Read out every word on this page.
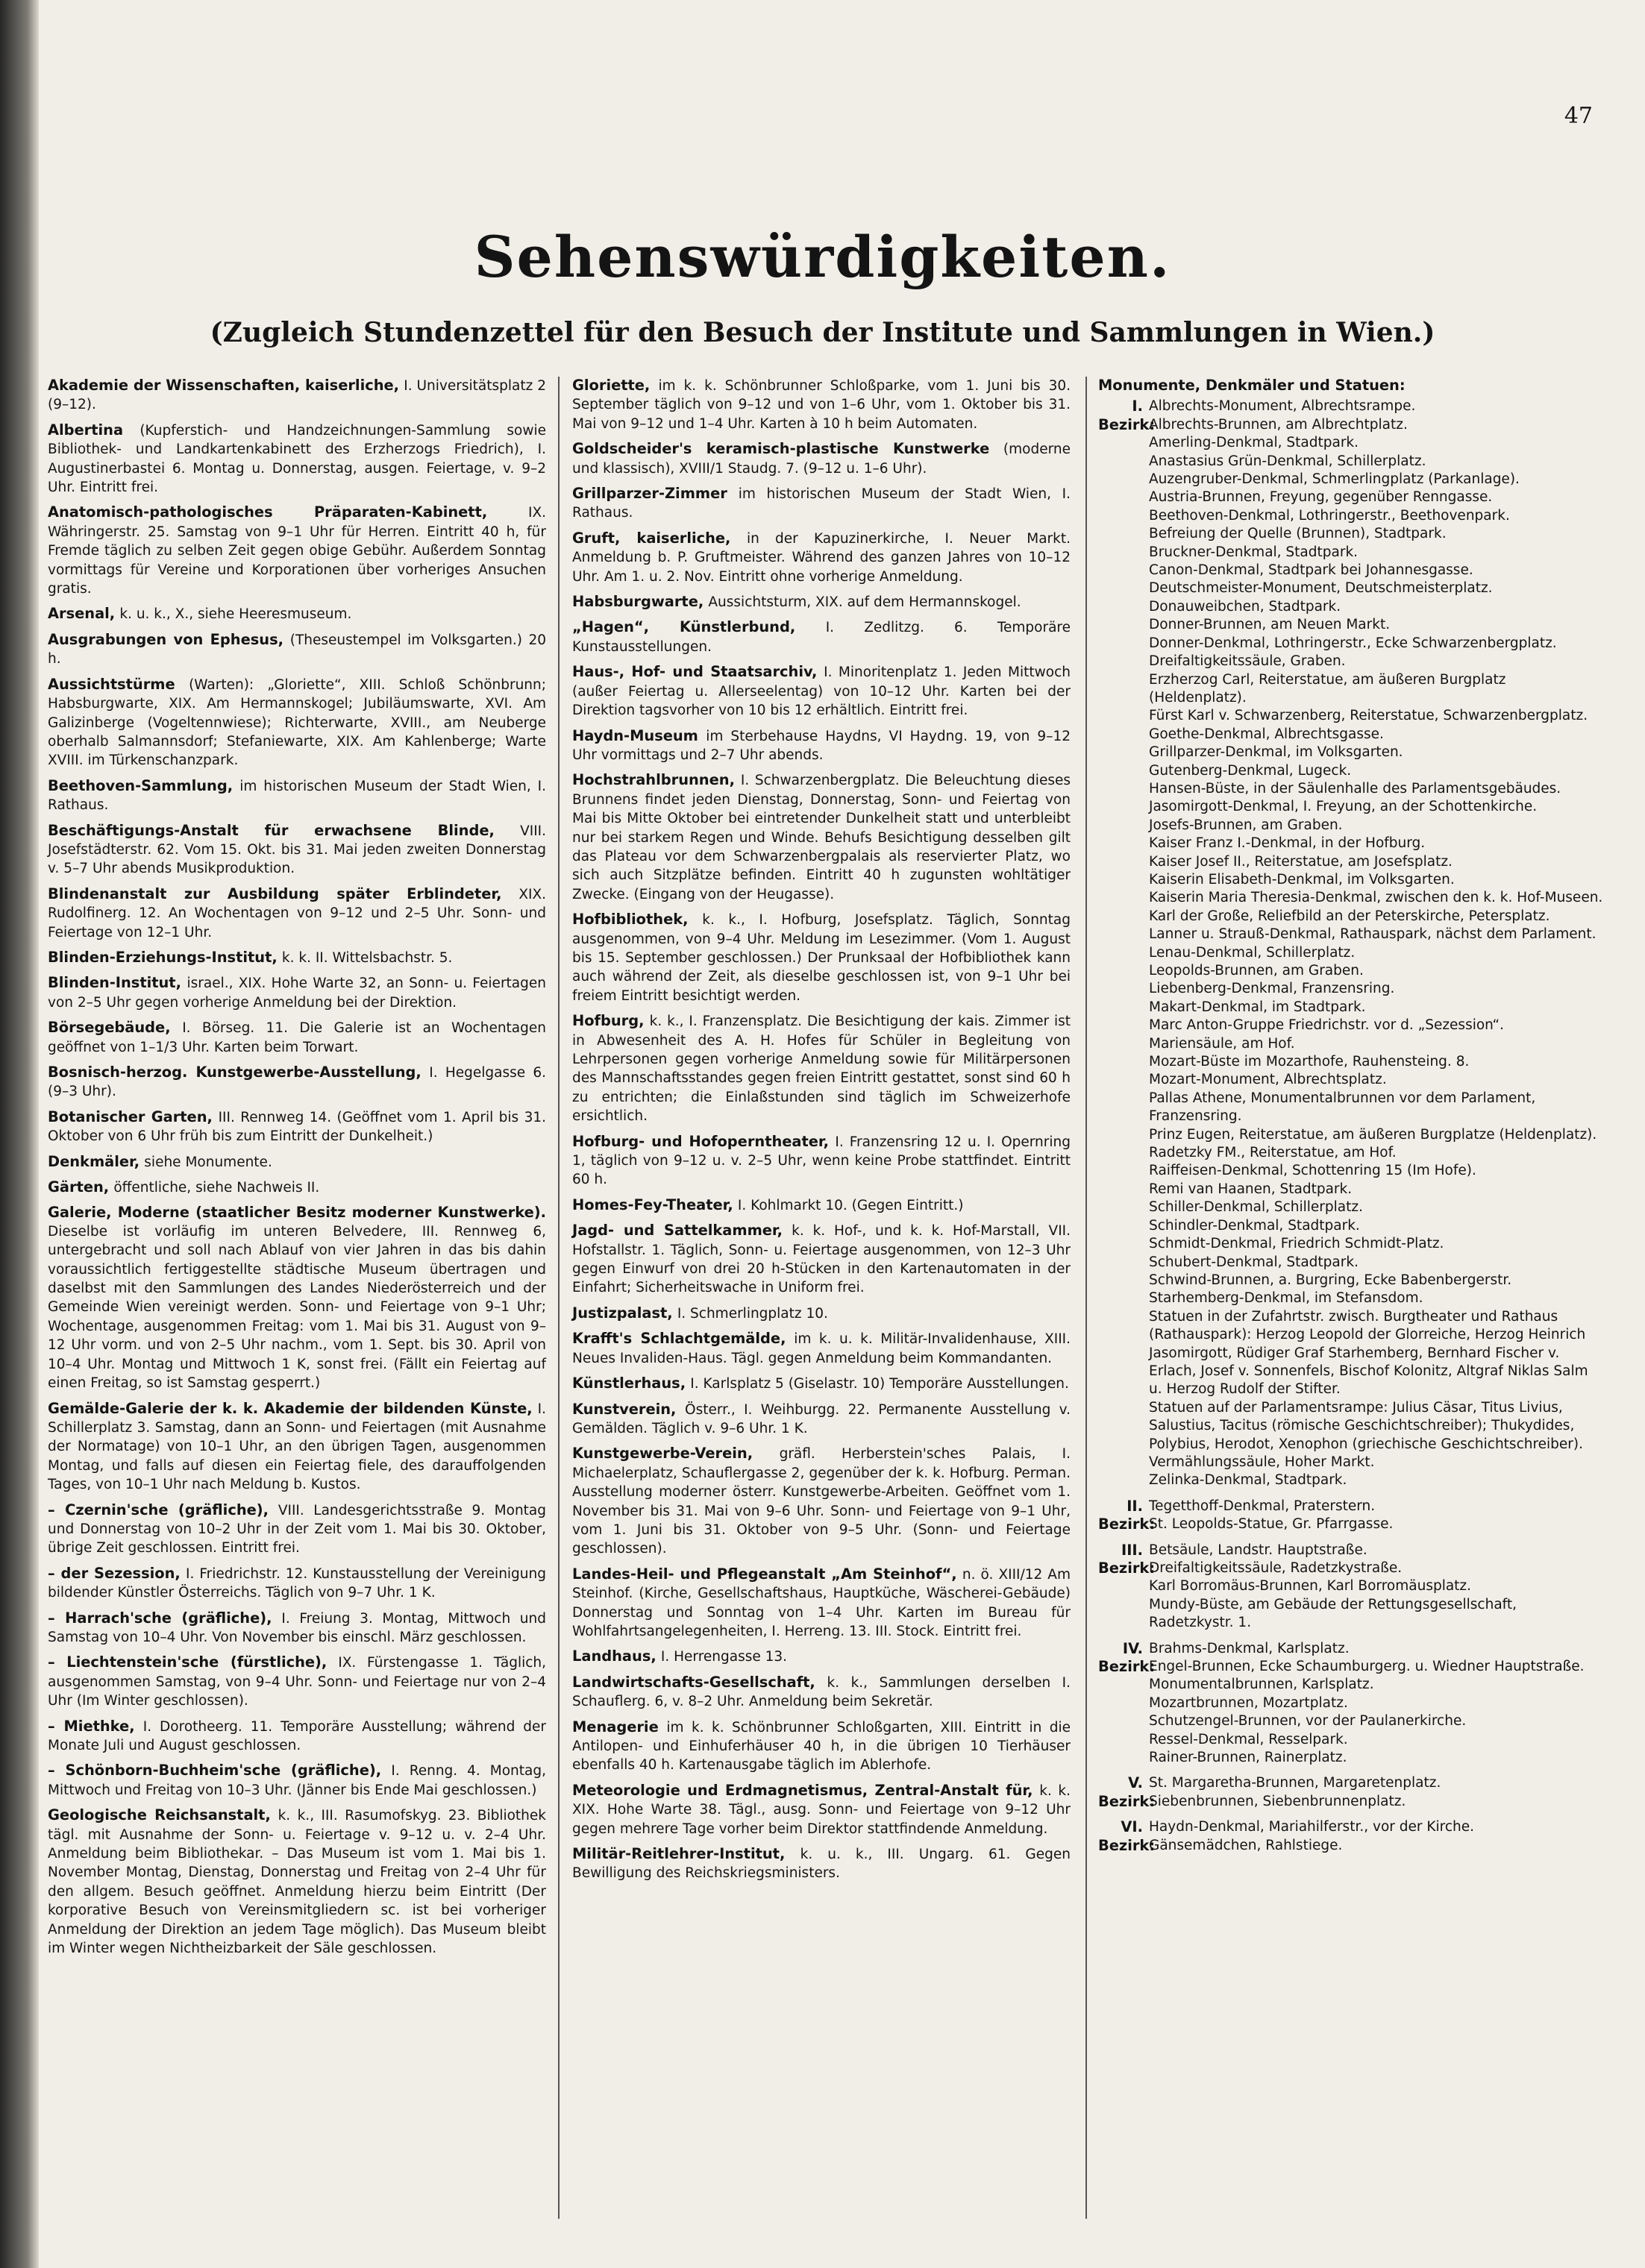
47
Sehenswürdigkeiten.
(Zugleich Stundenzettel für den Besuch der Institute und Sammlungen in Wien.)

Akademie der Wissenschaften, kaiserliche, I. Universitätsplatz 2 (9–12).

Albertina (Kupferstich- und Handzeichnungen-Sammlung sowie Bibliothek- und Landkartenkabinett des Erzherzogs Friedrich), I. Augustinerbastei 6. Montag u. Donnerstag, ausgen. Feiertage, v. 9–2 Uhr. Eintritt frei.

Anatomisch-pathologisches Präparaten-Kabinett,	IX. Währingerstr. 25. Samstag von 9–1 Uhr für Herren. Eintritt 40 h, für Fremde täglich zu selben Zeit gegen obige Gebühr. Außerdem Sonntag vormittags für Vereine und Korporationen über vorheriges Ansuchen gratis.

Arsenal, k. u. k., X., siehe Heeresmuseum.

Ausgrabungen von Ephesus, (Theseustempel im Volksgarten.) 20 h.

Aussichtstürme (Warten): „Gloriette“, XIII. Schloß Schönbrunn; Habsburgwarte, XIX. Am Hermannskogel; Jubiläumswarte, XVI. Am Galizinberge (Vogeltennwiese); Richterwarte, XVIII., am Neuberge oberhalb Salmannsdorf; Stefaniewarte, XIX. Am Kahlenberge; Warte XVIII. im Türkenschanzpark.

Beethoven-Sammlung, im historischen Museum der Stadt Wien, I. Rathaus.

Beschäftigungs-Anstalt für erwachsene Blinde, VIII. Josefstädterstr. 62. Vom 15. Okt. bis 31. Mai jeden zweiten Donnerstag v. 5–7 Uhr abends Musikproduktion.

Blindenanstalt zur Ausbildung später Erblindeter, XIX. Rudolfinerg. 12. An Wochentagen von 9–12 und 2–5 Uhr. Sonn- und Feiertage von 12–1 Uhr.

Blinden-Erziehungs-Institut, k. k. II. Wittelsbachstr. 5.

Blinden-Institut, israel., XIX. Hohe Warte 32, an Sonn- u. Feiertagen von 2–5 Uhr gegen vorherige Anmeldung bei der Direktion.

Börsegebäude, I. Börseg. 11. Die Galerie ist an Wochentagen geöffnet von 1–1/3 Uhr. Karten beim Torwart.

Bosnisch-herzog. Kunstgewerbe-Ausstellung, I. Hegelgasse 6. (9–3 Uhr).

Botanischer Garten, III. Rennweg 14. (Geöffnet vom 1. April bis 31. Oktober von 6 Uhr früh bis zum Eintritt der Dunkelheit.)

Denkmäler, siehe Monumente.

Gärten, öffentliche, siehe Nachweis II.

Galerie, Moderne (staatlicher Besitz moderner Kunstwerke). Dieselbe ist vorläufig im unteren Belvedere, III. Rennweg 6, untergebracht und soll nach Ablauf von vier Jahren in das bis dahin voraussichtlich fertiggestellte städtische Museum übertragen und daselbst mit den Sammlungen des Landes Niederösterreich und der Gemeinde Wien vereinigt werden. Sonn- und Feiertage von 9–1 Uhr; Wochentage, ausgenommen Freitag: vom 1. Mai bis 31. August von 9–12 Uhr vorm. und von 2–5 Uhr nachm., vom 1. Sept. bis 30. April von 10–4 Uhr. Montag und Mittwoch 1 K, sonst frei. (Fällt ein Feiertag auf einen Freitag, so ist Samstag gesperrt.)

Gemälde-Galerie der k. k. Akademie der bildenden Künste, I. Schillerplatz 3. Samstag, dann an Sonn- und Feiertagen (mit Ausnahme der Normatage) von 10–1 Uhr, an den übrigen Tagen, ausgenommen Montag, und falls auf diesen ein Feiertag fiele, des darauffolgenden Tages, von 10–1 Uhr nach Meldung b. Kustos.

– Czernin'sche (gräfliche), VIII. Landesgerichtsstraße 9. Montag und Donnerstag von 10–2 Uhr in der Zeit vom 1. Mai bis 30. Oktober, übrige Zeit geschlossen. Eintritt frei.

– der Sezession, I. Friedrichstr. 12. Kunstausstellung der Vereinigung bildender Künstler Österreichs. Täglich von 9–7 Uhr. 1 K.

– Harrach'sche (gräfliche), I. Freiung 3. Montag, Mittwoch und Samstag von 10–4 Uhr. Von November bis einschl. März geschlossen.

– Liechtenstein'sche (fürstliche), IX. Fürstengasse 1. Täglich, ausgenommen Samstag, von 9–4 Uhr. Sonn- und Feiertage nur von 2–4 Uhr (Im Winter geschlossen).

– Miethke, I. Dorotheerg. 11. Temporäre Ausstellung; während der Monate Juli und August geschlossen.

– Schönborn-Buchheim'sche (gräfliche), I. Renng. 4. Montag, Mittwoch und Freitag von 10–3 Uhr. (Jänner bis Ende Mai geschlossen.)

Geologische Reichsanstalt, k. k., III. Rasumofskyg. 23. Bibliothek tägl. mit Ausnahme der Sonn- u. Feiertage v. 9–12 u. v. 2–4 Uhr. Anmeldung beim Bibliothekar. – Das Museum ist vom 1. Mai bis 1. November Montag, Dienstag, Donnerstag und Freitag von 2–4 Uhr für den allgem. Besuch geöffnet. Anmeldung hierzu beim Eintritt (Der korporative Besuch von Vereinsmitgliedern sc. ist bei vorheriger Anmeldung der Direktion an jedem Tage möglich). Das Museum bleibt im Winter wegen Nichtheizbarkeit der Säle geschlossen.

Gloriette, im k. k. Schönbrunner Schloßparke, vom 1. Juni bis 30. September täglich von 9–12 und von 1–6 Uhr, vom 1. Oktober bis 31. Mai von 9–12 und 1–4 Uhr. Karten à 10 h beim Automaten.

Goldscheider's keramisch-plastische Kunstwerke (moderne und klassisch), XVIII/1 Staudg. 7. (9–12 u. 1–6 Uhr).

Grillparzer-Zimmer im historischen Museum der Stadt Wien, I. Rathaus.

Gruft, kaiserliche, in der Kapuzinerkirche, I. Neuer Markt. Anmeldung b. P. Gruftmeister. Während des ganzen Jahres von 10–12 Uhr. Am 1. u. 2. Nov. Eintritt ohne vorherige Anmeldung.

Habsburgwarte, Aussichtsturm, XIX. auf dem Hermannskogel.

„Hagen“, Künstlerbund, I. Zedlitzg. 6. Temporäre Kunstausstellungen.

Haus-, Hof- und Staatsarchiv, I. Minoritenplatz 1. Jeden Mittwoch (außer Feiertag u. Allerseelentag) von 10–12 Uhr. Karten bei der Direktion tagsvorher von 10 bis 12 erhältlich. Eintritt frei.

Haydn-Museum im Sterbehause Haydns, VI Haydng. 19, von 9–12 Uhr vormittags und 2–7 Uhr abends.

Hochstrahlbrunnen, I. Schwarzenbergplatz. Die Beleuchtung dieses Brunnens findet jeden Dienstag, Donnerstag, Sonn- und Feiertag von Mai bis Mitte Oktober bei eintretender Dunkelheit statt und unterbleibt nur bei starkem Regen und Winde. Behufs Besichtigung desselben gilt das Plateau vor dem Schwarzenbergpalais als reservierter Platz, wo sich auch Sitzplätze befinden. Eintritt 40 h zugunsten wohltätiger Zwecke. (Eingang von der Heugasse).

Hofbibliothek, k. k., I. Hofburg, Josefsplatz. Täglich, Sonntag ausgenommen, von 9–4 Uhr. Meldung im Lesezimmer. (Vom 1. August bis 15. September geschlossen.) Der Prunksaal der Hofbibliothek kann auch während der Zeit, als dieselbe geschlossen ist, von 9–1 Uhr bei freiem Eintritt besichtigt werden.

Hofburg, k. k., I. Franzensplatz. Die Besichtigung der kais. Zimmer ist in Abwesenheit des A. H. Hofes für Schüler in Begleitung von Lehrpersonen gegen vorherige Anmeldung sowie für Militärpersonen des Mannschaftsstandes gegen freien Eintritt gestattet, sonst sind 60 h zu entrichten; die Einlaßstunden sind täglich im Schweizerhofe ersichtlich.

Hofburg- und Hofoperntheater, I. Franzensring 12 u. I. Opernring 1, täglich von 9–12 u. v. 2–5 Uhr, wenn keine Probe stattfindet. Eintritt 60 h.

Homes-Fey-Theater, I. Kohlmarkt 10. (Gegen Eintritt.)

Jagd- und Sattelkammer, k. k. Hof-, und k. k. Hof-Marstall, VII. Hofstallstr. 1. Täglich, Sonn- u. Feiertage ausgenommen, von 12–3 Uhr gegen Einwurf von drei 20 h-Stücken in den Kartenautomaten in der Einfahrt; Sicherheitswache in Uniform frei.

Justizpalast, I. Schmerlingplatz 10.

Krafft's Schlachtgemälde, im k. u. k. Militär-Invalidenhause, XIII. Neues Invaliden-Haus. Tägl. gegen Anmeldung beim Kommandanten.

Künstlerhaus, I. Karlsplatz 5 (Giselastr. 10) Temporäre Ausstellungen.

Kunstverein, Österr., I. Weihburgg. 22. Permanente Ausstellung v. Gemälden. Täglich v. 9–6 Uhr. 1 K.

Kunstgewerbe-Verein, gräfl. Herberstein'sches Palais, I. Michaelerplatz, Schauflergasse 2, gegenüber der k. k. Hofburg. Perman. Ausstellung moderner österr. Kunstgewerbe-Arbeiten. Geöffnet vom 1. November bis 31. Mai von 9–6 Uhr. Sonn- und Feiertage von 9–1 Uhr, vom 1. Juni bis 31. Oktober von 9–5 Uhr. (Sonn- und Feiertage geschlossen).

Landes-Heil- und Pflegeanstalt „Am Steinhof“, n. ö. XIII/12 Am Steinhof. (Kirche, Gesellschaftshaus, Hauptküche, Wäscherei-Gebäude) Donnerstag und Sonntag von 1–4 Uhr. Karten im Bureau für Wohlfahrtsangelegenheiten, I. Herreng. 13. III. Stock. Eintritt frei.

Landhaus, I. Herrengasse 13.

Landwirtschafts-Gesellschaft, k. k., Sammlungen derselben I. Schauflerg. 6, v. 8–2 Uhr. Anmeldung beim Sekretär.

Menagerie im k. k. Schönbrunner Schloßgarten, XIII. Eintritt in die Antilopen- und Einhuferhäuser 40 h, in die übrigen 10 Tierhäuser ebenfalls 40 h. Kartenausgabe täglich im Ablerhofe.

Meteorologie und Erdmagnetismus, Zentral-Anstalt für, k. k. XIX. Hohe Warte 38. Tägl., ausg. Sonn- und Feiertage von 9–12 Uhr gegen mehrere Tage vorher beim Direktor stattfindende Anmeldung.

Militär-Reitlehrer-Institut, k. u. k., III. Ungarg. 61. Gegen Bewilligung des Reichskriegsministers.

Monumente, Denkmäler und Statuen:
I. Bezirk:
Albrechts-Monument, Albrechtsrampe.
Albrechts-Brunnen, am Albrechtplatz.
Amerling-Denkmal, Stadtpark.
Anastasius Grün-Denkmal, Schillerplatz.
Auzengruber-Denkmal, Schmerlingplatz (Parkanlage).
Austria-Brunnen, Freyung, gegenüber Renngasse.
Beethoven-Denkmal, Lothringerstr., Beethovenpark.
Befreiung der Quelle (Brunnen), Stadtpark.
Bruckner-Denkmal, Stadtpark.
Canon-Denkmal, Stadtpark bei Johannesgasse.
Deutschmeister-Monument, Deutschmeisterplatz.
Donauweibchen, Stadtpark.
Donner-Brunnen, am Neuen Markt.
Donner-Denkmal, Lothringerstr., Ecke Schwarzenbergplatz.
Dreifaltigkeitssäule, Graben.
Erzherzog Carl, Reiterstatue, am äußeren Burgplatz (Heldenplatz).
Fürst Karl v. Schwarzenberg, Reiterstatue, Schwarzenbergplatz.
Goethe-Denkmal, Albrechtsgasse.
Grillparzer-Denkmal, im Volksgarten.
Gutenberg-Denkmal, Lugeck.
Hansen-Büste, in der Säulenhalle des Parlamentsgebäudes.
Jasomirgott-Denkmal, I. Freyung, an der Schottenkirche.
Josefs-Brunnen, am Graben.
Kaiser Franz I.-Denkmal, in der Hofburg.
Kaiser Josef II., Reiterstatue, am Josefsplatz.
Kaiserin Elisabeth-Denkmal, im Volksgarten.
Kaiserin Maria Theresia-Denkmal, zwischen den k. k. Hof-Museen.
Karl der Große, Reliefbild an der Peterskirche, Petersplatz.
Lanner u. Strauß-Denkmal, Rathauspark, nächst dem Parlament.
Lenau-Denkmal, Schillerplatz.
Leopolds-Brunnen, am Graben.
Liebenberg-Denkmal, Franzensring.
Makart-Denkmal, im Stadtpark.
Marc Anton-Gruppe Friedrichstr. vor d. „Sezession“.
Mariensäule, am Hof.
Mozart-Büste im Mozarthofe, Rauhensteing. 8.
Mozart-Monument, Albrechtsplatz.
Pallas Athene, Monumentalbrunnen vor dem Parlament, Franzensring.
Prinz Eugen, Reiterstatue, am äußeren Burgplatze (Heldenplatz).
Radetzky FM., Reiterstatue, am Hof.
Raiffeisen-Denkmal, Schottenring 15 (Im Hofe).
Remi van Haanen, Stadtpark.
Schiller-Denkmal, Schillerplatz.
Schindler-Denkmal, Stadtpark.
Schmidt-Denkmal, Friedrich Schmidt-Platz.
Schubert-Denkmal, Stadtpark.
Schwind-Brunnen, a. Burgring, Ecke Babenbergerstr.
Starhemberg-Denkmal, im Stefansdom.
Statuen in der Zufahrtstr. zwisch. Burgtheater und Rathaus (Rathauspark): Herzog Leopold der Glorreiche, Herzog Heinrich Jasomirgott, Rüdiger Graf Starhemberg, Bernhard Fischer v. Erlach, Josef v. Sonnenfels, Bischof Kolonitz, Altgraf Niklas Salm u. Herzog Rudolf der Stifter.
Statuen auf der Parlamentsrampe: Julius Cäsar, Titus Livius, Salustius, Tacitus (römische Geschichtschreiber); Thukydides, Polybius, Herodot, Xenophon (griechische Geschichtschreiber).
Vermählungssäule, Hoher Markt.
Zelinka-Denkmal, Stadtpark.
II. Bezirk:
Tegetthoff-Denkmal, Praterstern.
St. Leopolds-Statue, Gr. Pfarrgasse.
III. Bezirk:
Betsäule, Landstr. Hauptstraße.
Dreifaltigkeitssäule, Radetzkystraße.
Karl Borromäus-Brunnen, Karl Borromäusplatz.
Mundy-Büste, am Gebäude der Rettungsgesellschaft, Radetzkystr. 1.
IV. Bezirk:
Brahms-Denkmal, Karlsplatz.
Engel-Brunnen, Ecke Schaumburgerg. u. Wiedner Hauptstraße.
Monumentalbrunnen, Karlsplatz.
Mozartbrunnen, Mozartplatz.
Schutzengel-Brunnen, vor der Paulanerkirche.
Ressel-Denkmal, Resselpark.
Rainer-Brunnen, Rainerplatz.
V. Bezirk:
St. Margaretha-Brunnen, Margaretenplatz.
Siebenbrunnen, Siebenbrunnenplatz.
VI. Bezirk:
Haydn-Denkmal, Mariahilferstr., vor der Kirche.
Gänsemädchen, Rahlstiege.
